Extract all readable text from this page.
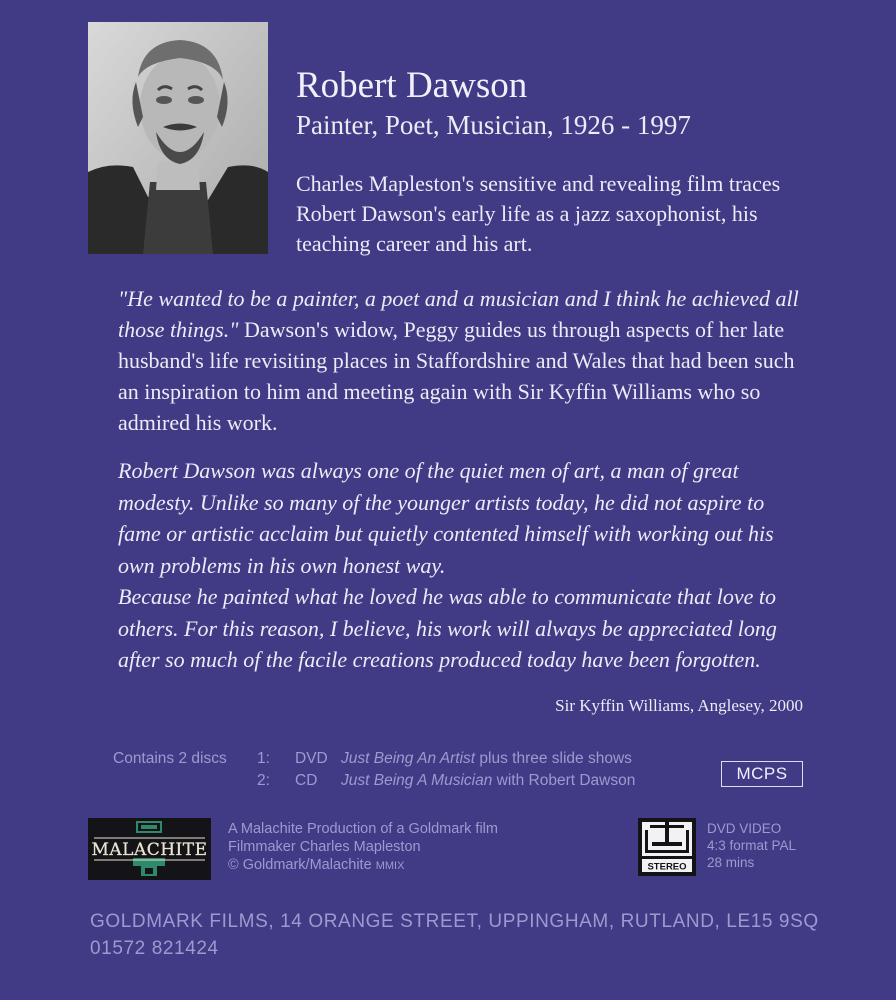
Robert Dawson
Painter, Poet, Musician, 1926 - 1997
Charles Mapleston's sensitive and revealing film traces Robert Dawson's early life as a jazz saxophonist, his teaching career and his art.
"He wanted to be a painter, a poet and a musician and I think he achieved all those things." Dawson's widow, Peggy guides us through aspects of her late husband's life revisiting places in Staffordshire and Wales that had been such an inspiration to him and meeting again with Sir Kyffin Williams who so admired his work.
Robert Dawson was always one of the quiet men of art, a man of great modesty. Unlike so many of the younger artists today, he did not aspire to fame or artistic acclaim but quietly contented himself with working out his own problems in his own honest way.
Because he painted what he loved he was able to communicate that love to others. For this reason, I believe, his work will always be appreciated long after so much of the facile creations produced today have been forgotten.
Sir Kyffin Williams, Anglesey, 2000
Contains 2 discs 1: DVD Just Being An Artist plus three slide shows
2: CD Just Being A Musician with Robert Dawson	MCPS
MALACHITE
A Malachite Production of a Goldmark film
Filmmaker Charles Mapleston
© Goldmark/Malachite MMIX	STEREO
DVD VIDEO
4:3 format PAL
28 mins
GOLDMARK FILMS, 14 ORANGE STREET, UPPINGHAM, RUTLAND, LE15 9SQ
01572 821424
